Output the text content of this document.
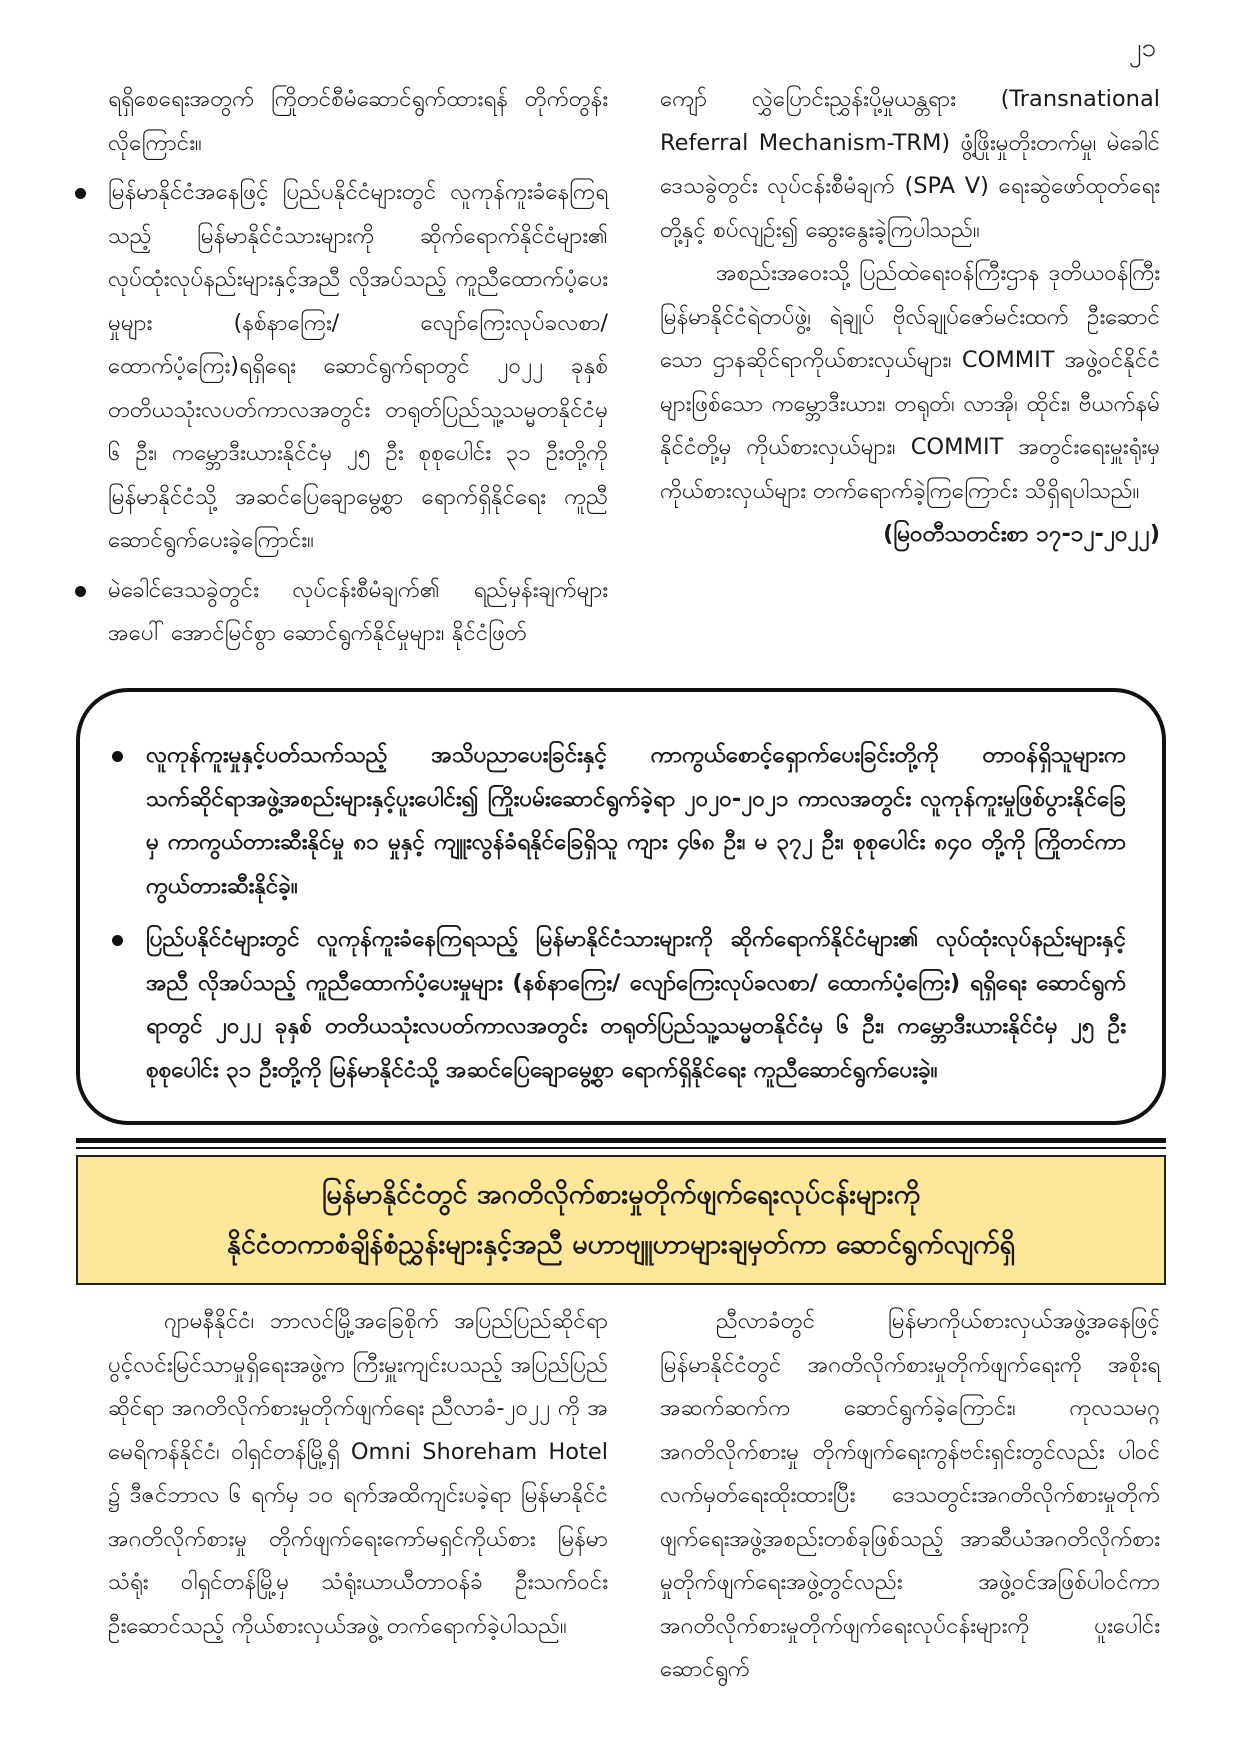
၂၁

ရရှိစေရေးအတွက် ကြိုတင်စီမံဆောင်ရွက်ထားရန် တိုက်တွန်းလိုကြောင်း။

မြန်မာနိုင်ငံအနေဖြင့် ပြည်ပနိုင်ငံများတွင် လူကုန်ကူးခံနေကြရသည့် မြန်မာနိုင်ငံသားများကို ဆိုက်ရောက်နိုင်ငံများ၏ လုပ်ထုံးလုပ်နည်းများနှင့်အညီ လိုအပ်သည့် ကူညီထောက်ပံ့ပေးမှုများ (နစ်နာကြေး/ လျော်ကြေးလုပ်ခလစာ/ ထောက်ပံ့ကြေး)ရရှိရေး ဆောင်ရွက်ရာတွင် ၂၀၂၂ ခုနှစ် တတိယသုံးလပတ်ကာလအတွင်း တရုတ်ပြည်သူ့သမ္မတနိုင်ငံမှ ၆ ဦး၊ ကမ္ဘောဒီးယားနိုင်ငံမှ ၂၅ ဦး စုစုပေါင်း ၃၁ ဦးတို့ကို မြန်မာနိုင်ငံသို့ အဆင်ပြေချောမွေ့စွာ ရောက်ရှိနိုင်ရေး ကူညီဆောင်ရွက်ပေးခဲ့ကြောင်း။
မဲခေါင်ဒေသခွဲတွင်း လုပ်ငန်းစီမံချက်၏ ရည်မှန်းချက်များအပေါ် အောင်မြင်စွာ ဆောင်ရွက်နိုင်မှုများ၊ နိုင်ငံဖြတ်

ကျော် လွှဲပြောင်းညွှန်းပို့မှုယန္တရား (Transnational Referral Mechanism-TRM) ဖွံ့ဖြိုးမှုတိုးတက်မှု၊ မဲခေါင်ဒေသခွဲတွင်း လုပ်ငန်းစီမံချက် (SPA V) ရေးဆွဲဖော်ထုတ်ရေးတို့နှင့် စပ်လျဉ်း၍ ဆွေးနွေးခဲ့ကြပါသည်။

အစည်းအဝေးသို့ ပြည်ထဲရေးဝန်ကြီးဌာန ဒုတိယဝန်ကြီး မြန်မာနိုင်ငံရဲတပ်ဖွဲ့၊ ရဲချုပ် ဗိုလ်ချုပ်ဇော်မင်းထက် ဦးဆောင်သော ဌာနဆိုင်ရာကိုယ်စားလှယ်များ၊ COMMIT အဖွဲ့ဝင်နိုင်ငံများဖြစ်သော ကမ္ဘောဒီးယား၊ တရုတ်၊ လာအို၊ ထိုင်း၊ ဗီယက်နမ်နိုင်ငံတို့မှ ကိုယ်စားလှယ်များ၊ COMMIT အတွင်းရေးမှူးရုံးမှ ကိုယ်စားလှယ်များ တက်ရောက်ခဲ့ကြကြောင်း သိရှိရပါသည်။

(မြဝတီသတင်းစာ ၁၇-၁၂-၂၀၂၂)

လူကုန်ကူးမှုနှင့်ပတ်သက်သည့် အသိပညာပေးခြင်းနှင့် ကာကွယ်စောင့်ရှောက်ပေးခြင်းတို့ကို တာဝန်ရှိသူများက သက်ဆိုင်ရာအဖွဲ့အစည်းများနှင့်ပူးပေါင်း၍ ကြိုးပမ်းဆောင်ရွက်ခဲ့ရာ ၂၀၂၀-၂၀၂၁ ကာလအတွင်း လူကုန်ကူးမှုဖြစ်ပွားနိုင်ခြေမှ ကာကွယ်တားဆီးနိုင်မှု ၈၁ မှုနှင့် ကျူးလွန်ခံရနိုင်ခြေရှိသူ ကျား ၄၆၈ ဦး၊ မ ၃၇၂ ဦး၊ စုစုပေါင်း ၈၄၀ တို့ကို ကြိုတင်ကာကွယ်တားဆီးနိုင်ခဲ့။
ပြည်ပနိုင်ငံများတွင် လူကုန်ကူးခံနေကြရသည့် မြန်မာနိုင်ငံသားများကို ဆိုက်ရောက်နိုင်ငံများ၏ လုပ်ထုံးလုပ်နည်းများနှင့်အညီ လိုအပ်သည့် ကူညီထောက်ပံ့ပေးမှုများ (နစ်နာကြေး/ လျော်ကြေးလုပ်ခလစာ/ ထောက်ပံ့ကြေး) ရရှိရေး ဆောင်ရွက်ရာတွင် ၂၀၂၂ ခုနှစ် တတိယသုံးလပတ်ကာလအတွင်း တရုတ်ပြည်သူ့သမ္မတနိုင်ငံမှ ၆ ဦး၊ ကမ္ဘောဒီးယားနိုင်ငံမှ ၂၅ ဦး စုစုပေါင်း ၃၁ ဦးတို့ကို မြန်မာနိုင်ငံသို့ အဆင်ပြေချောမွေ့စွာ ရောက်ရှိနိုင်ရေး ကူညီဆောင်ရွက်ပေးခဲ့။
မြန်မာနိုင်ငံတွင် အဂတိလိုက်စားမှုတိုက်ဖျက်ရေးလုပ်ငန်းများကို
နိုင်ငံတကာစံချိန်စံညွှန်းများနှင့်အညီ မဟာဗျူဟာများချမှတ်ကာ ဆောင်ရွက်လျက်ရှိ

ဂျာမနီနိုင်ငံ၊ ဘာလင်မြို့အခြေစိုက် အပြည်ပြည်ဆိုင်ရာ ပွင့်လင်းမြင်သာမှုရှိရေးအဖွဲ့က ကြီးမှူးကျင်းပသည့် အပြည်ပြည်ဆိုင်ရာ အဂတိလိုက်စားမှုတိုက်ဖျက်ရေး ညီလာခံ-၂၀၂၂ ကို အမေရိကန်နိုင်ငံ၊ ဝါရှင်တန်မြို့ရှိ Omni Shoreham Hotel ၌ ဒီဇင်ဘာလ ၆ ရက်မှ ၁၀ ရက်အထိကျင်းပခဲ့ရာ မြန်မာနိုင်ငံ အဂတိလိုက်စားမှု တိုက်ဖျက်ရေးကော်မရှင်ကိုယ်စား မြန်မာသံရုံး ဝါရှင်တန်မြို့မှ သံရုံးယာယီတာဝန်ခံ ဦးသက်ဝင်း ဦးဆောင်သည့် ကိုယ်စားလှယ်အဖွဲ့ တက်ရောက်ခဲ့ပါသည်။

ညီလာခံတွင် မြန်မာကိုယ်စားလှယ်အဖွဲ့အနေဖြင့် မြန်မာနိုင်ငံတွင် အဂတိလိုက်စားမှုတိုက်ဖျက်ရေးကို အစိုးရအဆက်ဆက်က ဆောင်ရွက်ခဲ့ကြောင်း၊ ကုလသမဂ္ဂအဂတိလိုက်စားမှု တိုက်ဖျက်ရေးကွန်ဗင်းရှင်းတွင်လည်း ပါဝင်လက်မှတ်ရေးထိုးထားပြီး ဒေသတွင်းအဂတိလိုက်စားမှုတိုက်ဖျက်ရေးအဖွဲ့အစည်းတစ်ခုဖြစ်သည့် အာဆီယံအဂတိလိုက်စားမှုတိုက်ဖျက်ရေးအဖွဲ့တွင်လည်း အဖွဲ့ဝင်အဖြစ်ပါဝင်ကာ အဂတိလိုက်စားမှုတိုက်ဖျက်ရေးလုပ်ငန်းများကို ပူးပေါင်းဆောင်ရွက်
